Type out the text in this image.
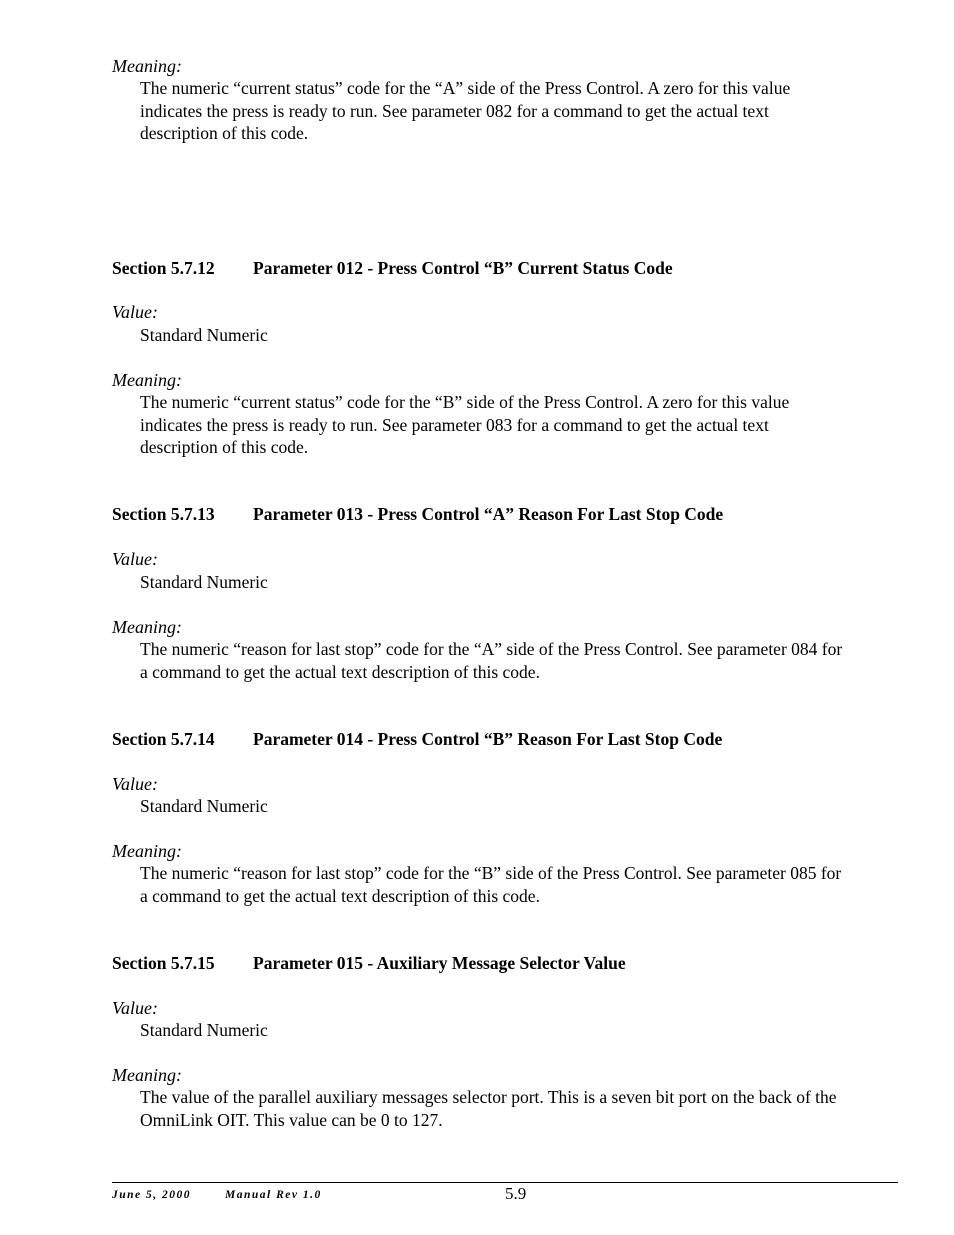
Meaning:
The numeric “current status” code for the “A” side of the Press Control. A zero for this value
indicates the press is ready to run. See parameter 082 for a command to get the actual text
description of this code.
Section 5.7.12 Parameter 012 - Press Control “B” Current Status Code
Value:
Standard Numeric
Meaning:
The numeric “current status” code for the “B” side of the Press Control. A zero for this value
indicates the press is ready to run. See parameter 083 for a command to get the actual text
description of this code.
Section 5.7.13 Parameter 013 - Press Control “A” Reason For Last Stop Code
Value:
Standard Numeric
Meaning:
The numeric “reason for last stop” code for the “A” side of the Press Control. See parameter 084 for
a command to get the actual text description of this code.
Section 5.7.14 Parameter 014 - Press Control “B” Reason For Last Stop Code
Value:
Standard Numeric
Meaning:
The numeric “reason for last stop” code for the “B” side of the Press Control. See parameter 085 for
a command to get the actual text description of this code.
Section 5.7.15 Parameter 015 - Auxiliary Message Selector Value
Value:
Standard Numeric
Meaning:
The value of the parallel auxiliary messages selector port. This is a seven bit port on the back of the
OmniLink OIT. This value can be 0 to 127.
June 5, 2000	Manual Rev 1.0	5.9
